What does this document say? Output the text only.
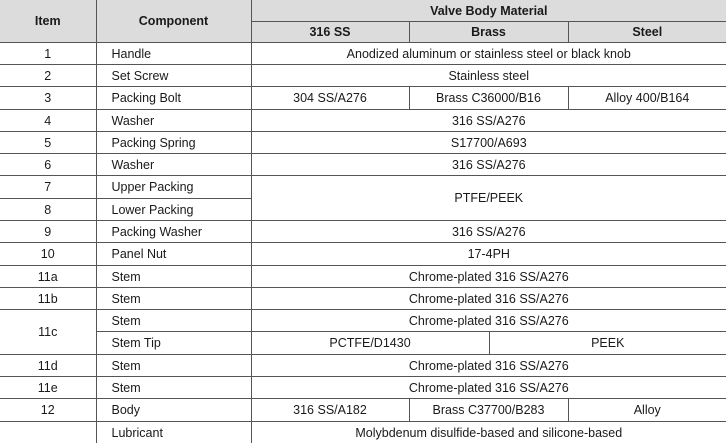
Item	Component	Valve Body Material			
		316 SS	Brass		Steel
1	Handle	Anodized aluminum or stainless steel or black knob			
2	Set Screw	Stainless steel			
3	Packing Bolt	304 SS/A276	Brass C36000/B16		Alloy 400/B164
4	Washer	316 SS/A276			
5	Packing Spring	S17700/A693			
6	Washer	316 SS/A276			
7	Upper Packing	PTFE/PEEK			
8	Lower Packing				
9	Packing Washer	316 SS/A276			
10	Panel Nut	17-4PH			
11a	Stem	Chrome-plated 316 SS/A276			
11b	Stem	Chrome-plated 316 SS/A276			
11c	Stem	Chrome-plated 316 SS/A276			
	Stem Tip	PCTFE/D1430		PEEK	
11d	Stem	Chrome-plated 316 SS/A276			
11e	Stem	Chrome-plated 316 SS/A276			
12	Body	316 SS/A182	Brass C37700/B283		Alloy
	Lubricant	Molybdenum disulfide-based and silicone-based			
